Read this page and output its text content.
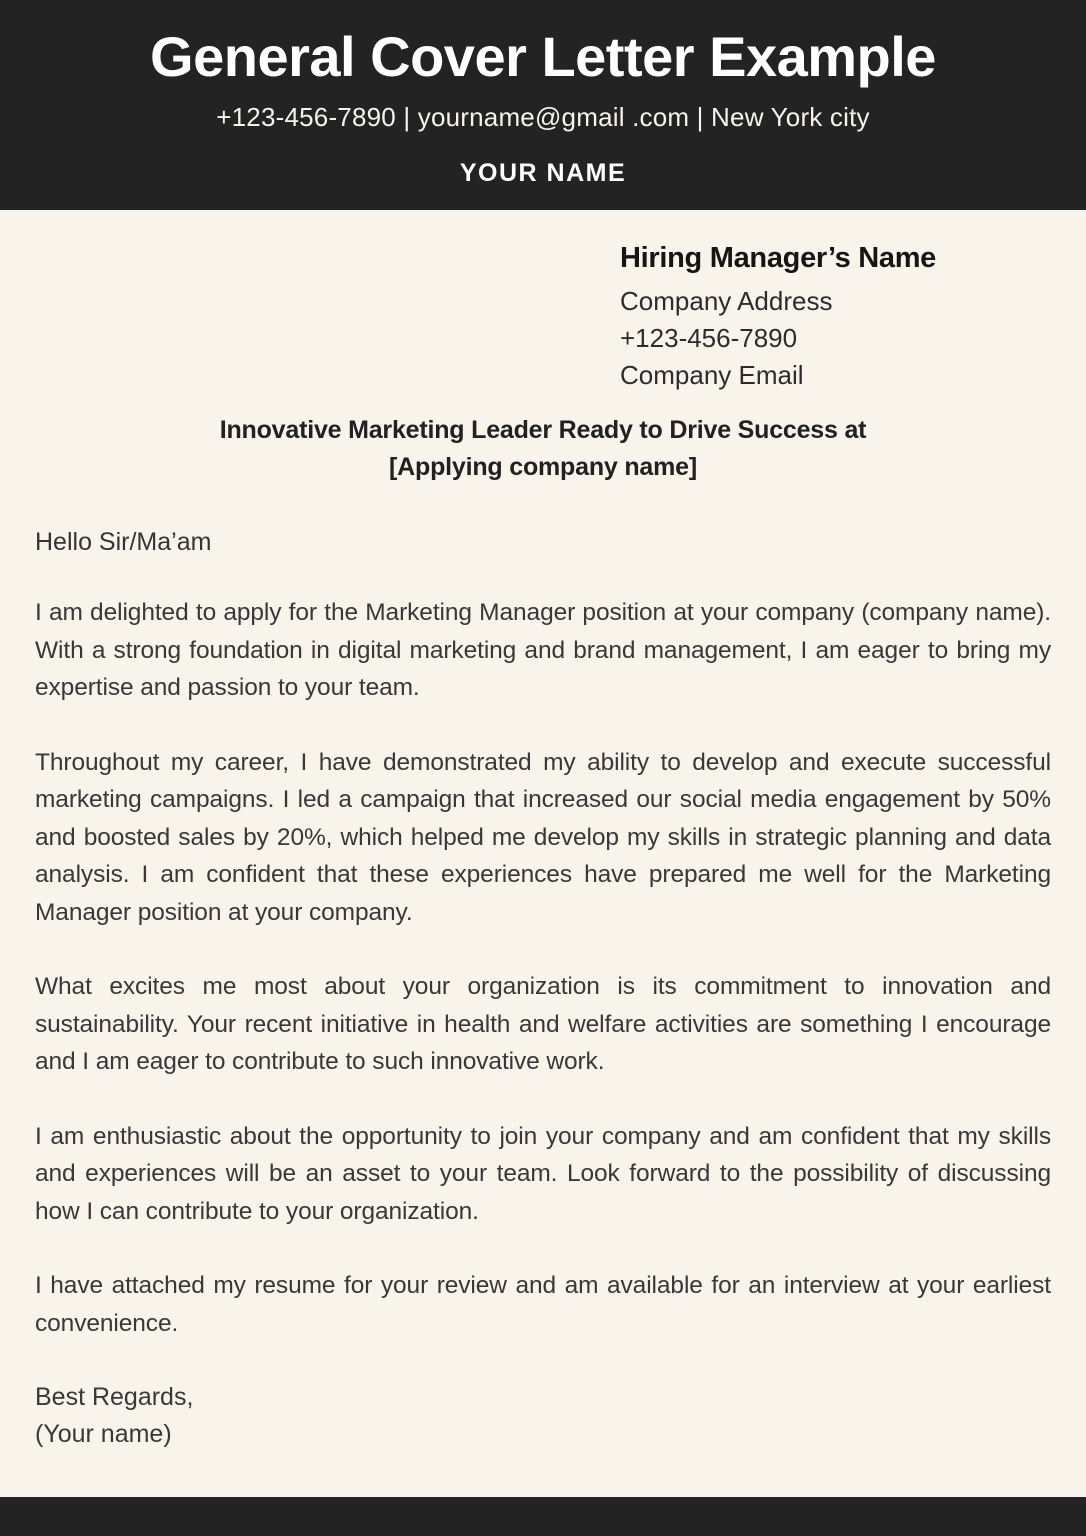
General Cover Letter Example
+123-456-7890 | yourname@gmail .com | New York city
YOUR NAME
Hiring Manager’s Name
Company Address
+123-456-7890
Company Email
Innovative Marketing Leader Ready to Drive Success at
[Applying company name]

Hello Sir/Ma’am

I am delighted to apply for the Marketing Manager position at your company (company name). With a strong foundation in digital marketing and brand management, I am eager to bring my expertise and passion to your team.

Throughout my career, I have demonstrated my ability to develop and execute successful marketing campaigns. I led a campaign that increased our social media engagement by 50% and boosted sales by 20%, which helped me develop my skills in strategic planning and data analysis. I am confident that these experiences have prepared me well for the Marketing Manager position at your company.

What excites me most about your organization is its commitment to innovation and sustainability. Your recent initiative in health and welfare activities are something I encourage and I am eager to contribute to such innovative work.

I am enthusiastic about the opportunity to join your company and am confident that my skills and experiences will be an asset to your team. Look forward to the possibility of discussing how I can contribute to your organization.

I have attached my resume for your review and am available for an interview at your earliest convenience.

Best Regards,

(Your name)
